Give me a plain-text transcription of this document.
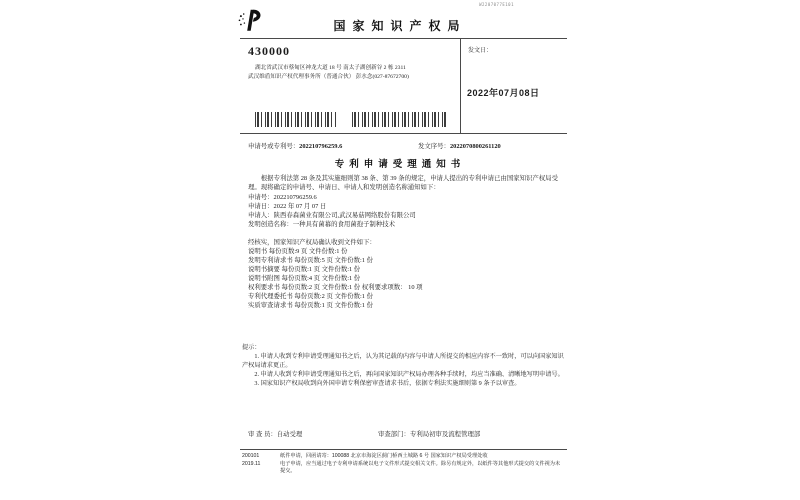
国家知识产权局
W2207077E101
430000
湖北省武汉市蔡甸区神龙大道 18 号 南太子湖创新谷 2 栋 2311
武汉维盾知识产权代理事务所（普通合伙） 彭水念(027-87672700)
发文日：
2022年07月08日
申请号或专利号：202210796259.6	发文序号：2022070800261120
专利申请受理通知书

根据专利法第 28 条及其实施细则第 38 条、第 39 条的规定，申请人提出的专利申请已由国家知识产权局受理。现将确定的申请号、申请日、申请人和发明创造名称通知如下：

申请号：202210796259.6
申请日：2022 年 07 月 07 日
申请人：陕西春森菌业有限公司,武汉易菇网络股份有限公司
发明创造名称：一种具有菌幕的食用菌孢子制种技术
经核实，国家知识产权局确认收到文件如下：
说明书 每份页数:9 页 文件份数:1 份
发明专利请求书 每份页数:5 页 文件份数:1 份
说明书摘要 每份页数:1 页 文件份数:1 份
说明书附图 每份页数:4 页 文件份数:1 份
权利要求书 每份页数:2 页 文件份数:1 份 权利要求项数： 10 项
专利代理委托书 每份页数:2 页 文件份数:1 份
实质审查请求书 每份页数:1 页 文件份数:1 份
提示：

1. 申请人收到专利申请受理通知书之后，认为其记载的内容与申请人所提交的相应内容不一致时，可以向国家知识产权局请求更正。

2. 申请人收到专利申请受理通知书之后，再向国家知识产权局办理各种手续时，均应当准确、清晰地写明申请号。

3. 国家知识产权局收到向外国申请专利保密审查请求书后，依据专利法实施细则第 9 条予以审查。

审 查 员：自动受理	审查部门：专利局初审及流程管理部
200101	纸件申请，回函请寄：100088 北京市海淀区蓟门桥西土城路 6 号 国家知识产权局受理处收
2019.11	电子申请，应当通过电子专利申请系统以电子文件形式提交相关文件。除另有规定外，以纸件等其他形式提交的文件视为未提交。
